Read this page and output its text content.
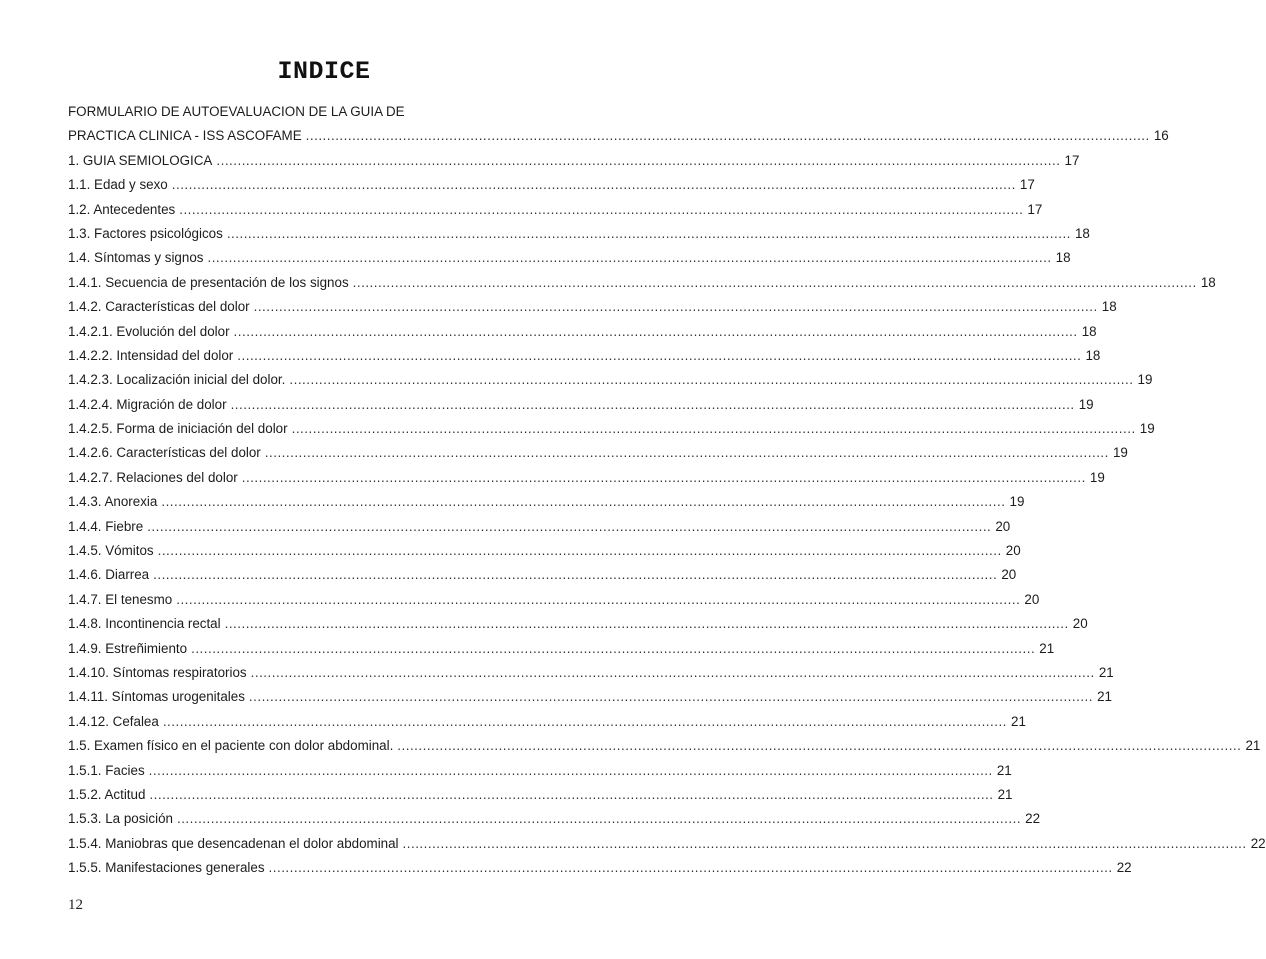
INDICE
FORMULARIO DE AUTOEVALUACION DE LA GUIA DE
PRACTICA CLINICA - ISS ASCOFAME .....	16
1. GUIA SEMIOLOGICA .....	17
1.1. Edad y sexo .....	17
1.2. Antecedentes .....	17
1.3. Factores psicológicos .....	18
1.4. Síntomas y signos .....	18
1.4.1. Secuencia de presentación de los signos .....	18
1.4.2. Características del dolor .....	18
1.4.2.1. Evolución del dolor .....	18
1.4.2.2. Intensidad del dolor .....	18
1.4.2.3. Localización inicial del dolor. .....	19
1.4.2.4. Migración de dolor .....	19
1.4.2.5. Forma de iniciación del dolor .....	19
1.4.2.6. Características del dolor .....	19
1.4.2.7. Relaciones del dolor .....	19
1.4.3. Anorexia .....	19
1.4.4. Fiebre .....	20
1.4.5. Vómitos .....	20
1.4.6. Diarrea .....	20
1.4.7. El tenesmo .....	20
1.4.8. Incontinencia rectal .....	20
1.4.9. Estreñimiento .....	21
1.4.10. Síntomas respiratorios .....	21
1.4.11. Síntomas urogenitales .....	21
1.4.12. Cefalea .....	21
1.5. Examen físico en el paciente con dolor abdominal. .....	21
1.5.1. Facies .....	21
1.5.2. Actitud .....	21
1.5.3. La posición .....	22
1.5.4. Maniobras que desencadenan el dolor abdominal .....	22
1.5.5. Manifestaciones generales .....	22
12
